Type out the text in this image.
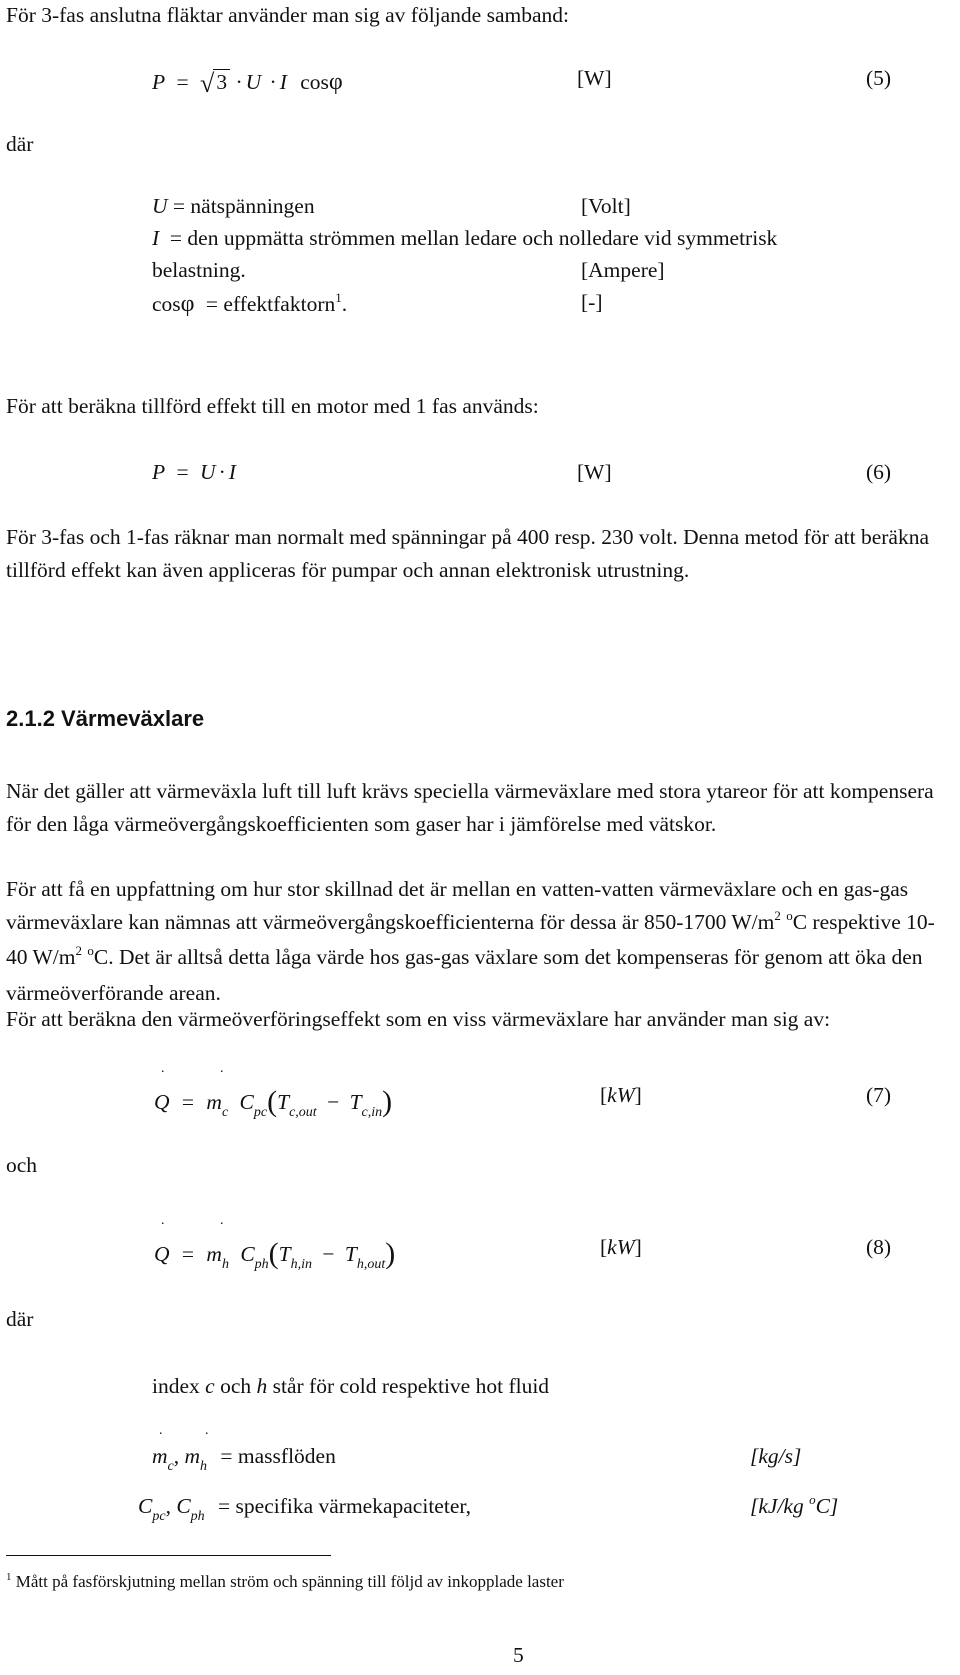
För 3-fas anslutna fläktar använder man sig av följande samband:
P = √
3 · U · I cosφ	[W]	(5)
där
U = nätspänningen	[Volt]
I = den uppmätta strömmen mellan ledare och nolledare vid symmetrisk
belastning.	[Ampere]
cosφ = effektfaktorn$^1$.	[-]
För att beräkna tillförd effekt till en motor med 1 fas används:
P = U · I	[W]	(6)
För 3-fas och 1-fas räknar man normalt med spänningar på 400 resp. 230 volt. Denna metod för att beräkna tillförd effekt kan även appliceras för pumpar och annan elektronisk utrustning.
2.1.2 Värmeväxlare
När det gäller att värmeväxla luft till luft krävs speciella värmeväxlare med stora ytareor för att kompensera för den låga värmeövergångskoefficienten som gaser har i jämförelse med vätskor.
För att få en uppfattning om hur stor skillnad det är mellan en vatten-vatten värmeväxlare och en gas-gas värmeväxlare kan nämnas att värmeövergångskoefficienterna för dessa är 850-1700 $W/m^2$ $^o$C respektive 10-40 $W/m^2$ $^o$C. Det är alltså detta låga värde hos gas-gas växlare som det kompenseras för genom att öka den värmeöverförande arean.
För att beräkna den värmeöverföringseffekt som en viss värmeväxlare har använder man sig av:
.	.
$Q = m_c$ $C_{pc}(T_{c,out} - T_{c,in})$	[kW]	(7)
och
.	.
$Q = m_h$ $C_{ph}(T_{h,in} - T_{h,out})$	[kW]	(8)
där
index c och h står för cold respektive hot fluid
.	.
$m_c$, $m_h$ = massflöden	[kg/s]
$C_{pc}$, $C_{ph}$ = specifika värmekapaciteter,	[kJ/kg $^o$C]
$^1$ Mått på fasförskjutning mellan ström och spänning till följd av inkopplade laster
5
